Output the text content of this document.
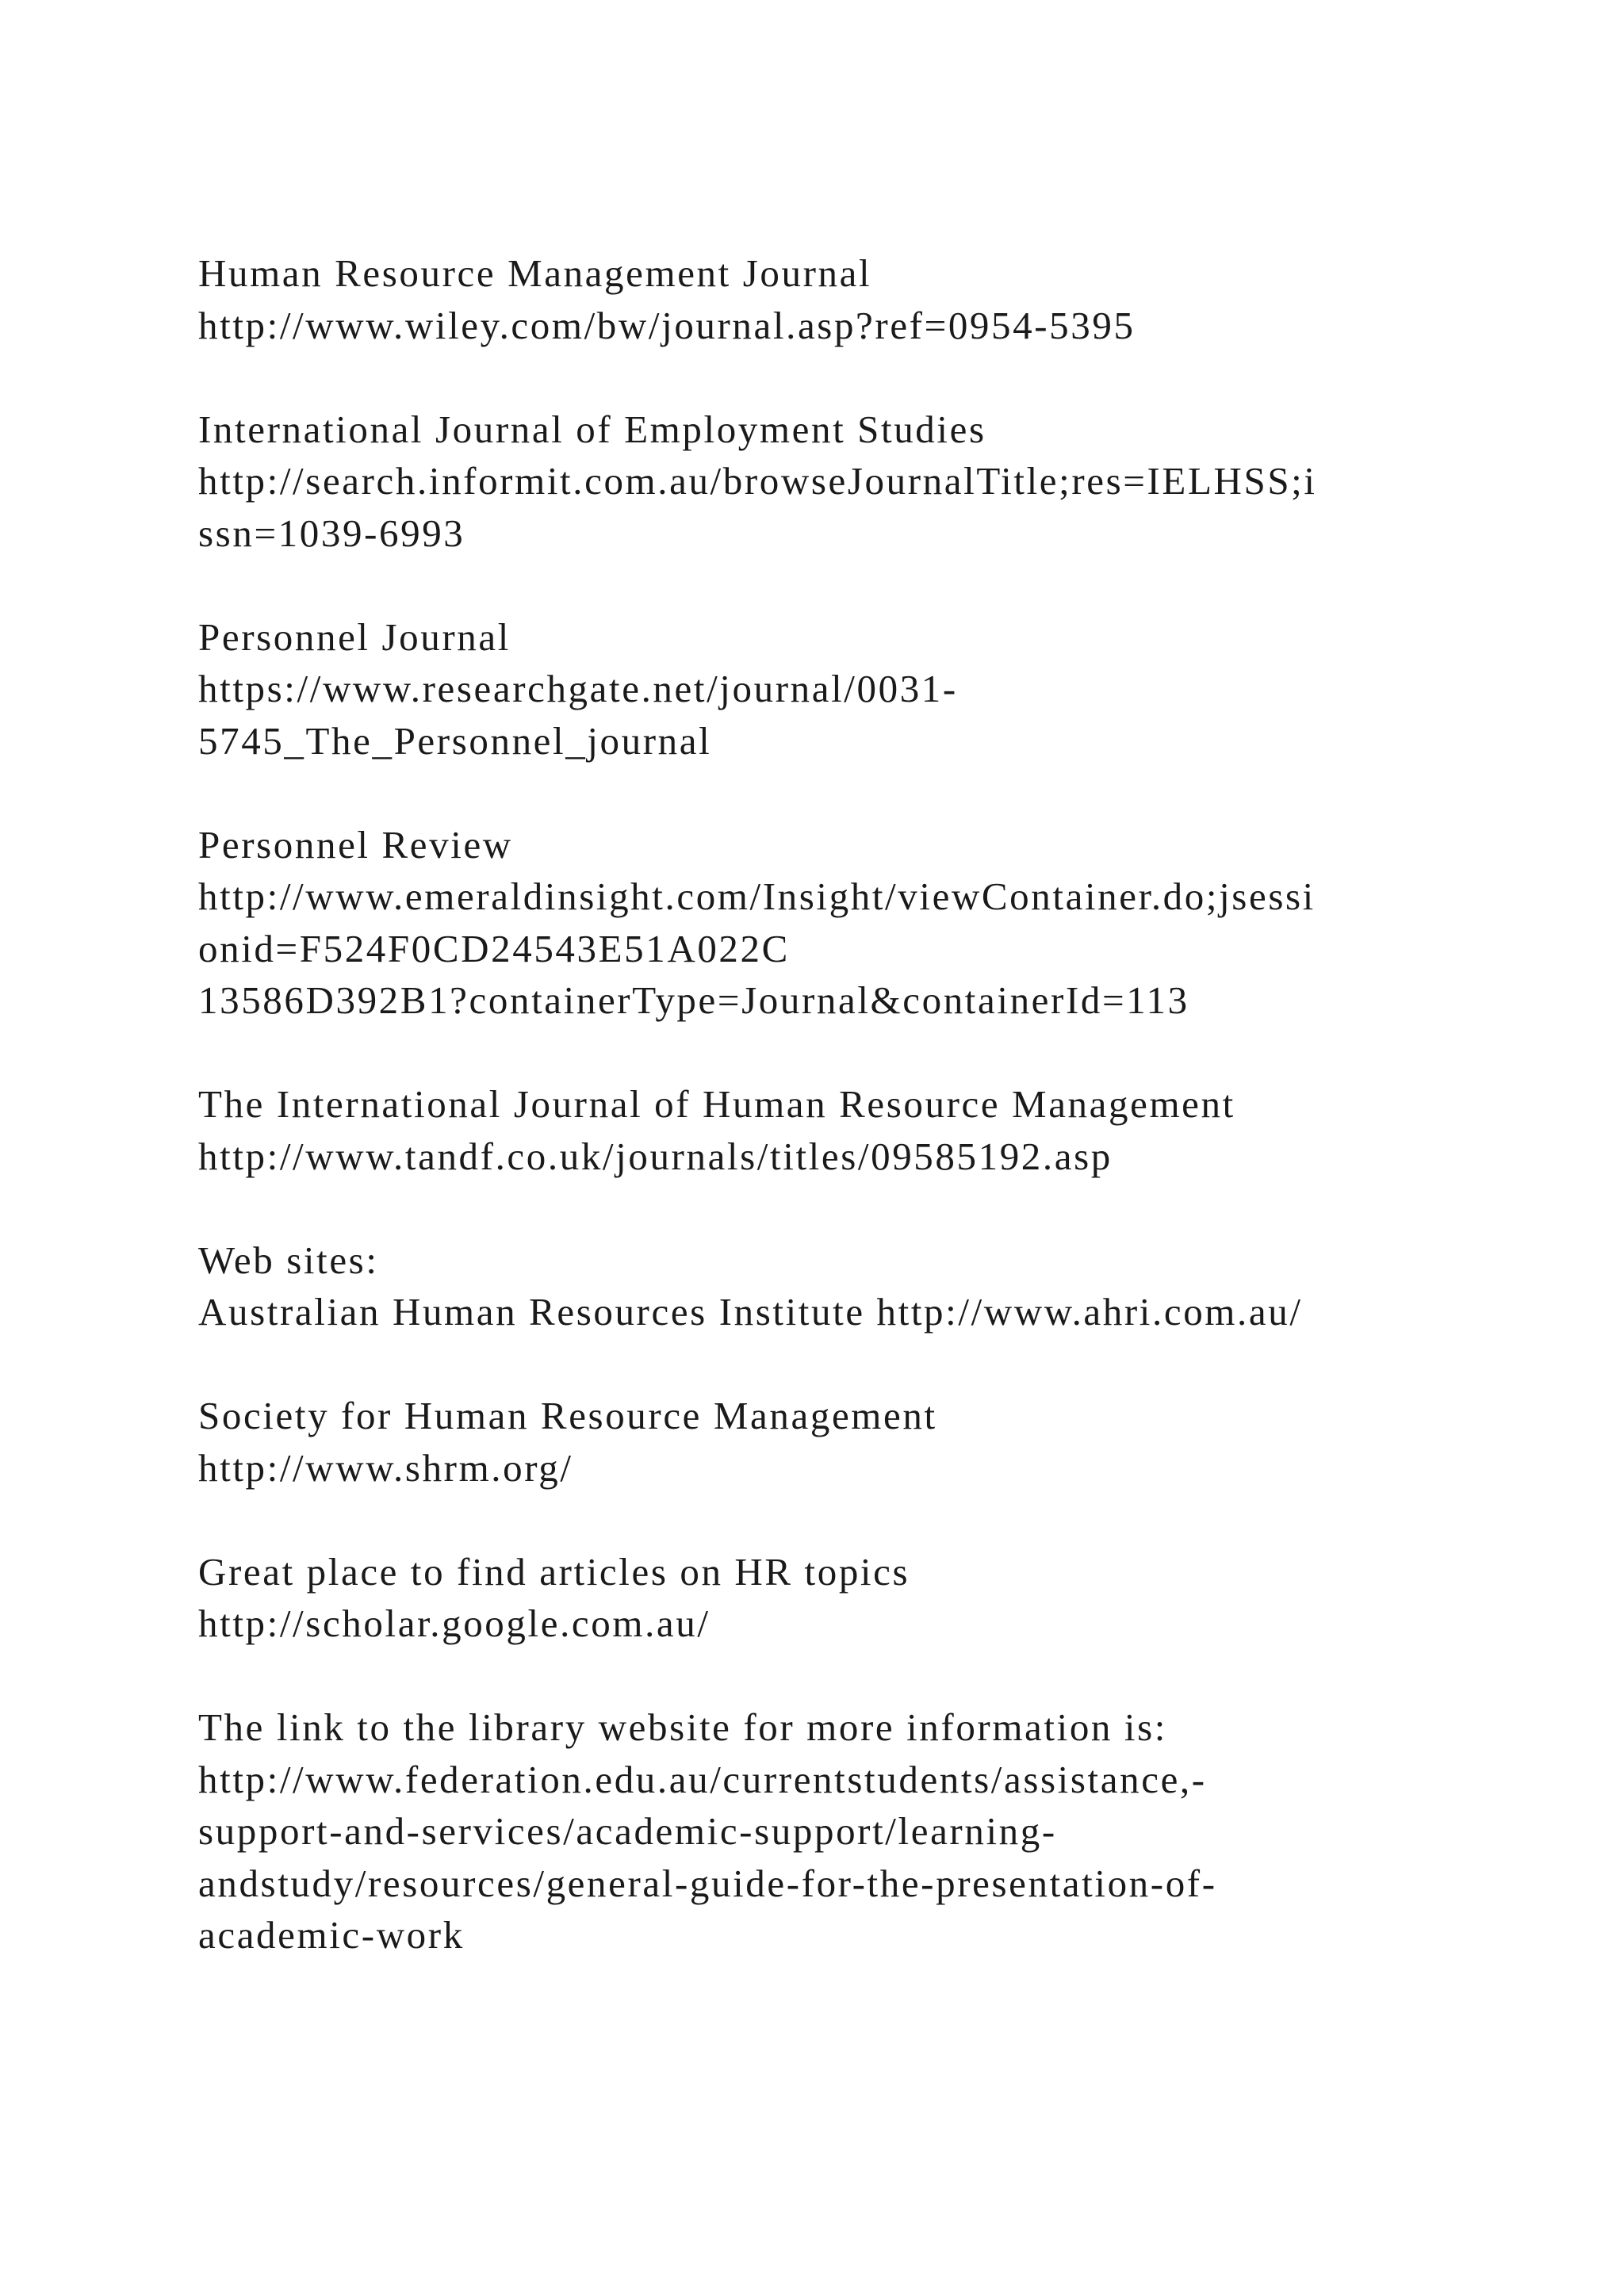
Human Resource Management Journal
http://www.wiley.com/bw/journal.asp?ref=0954-5395
International Journal of Employment Studies
http://search.informit.com.au/browseJournalTitle;res=IELHSS;i
ssn=1039-6993
Personnel Journal
https://www.researchgate.net/journal/0031-
5745_The_Personnel_journal
Personnel Review
http://www.emeraldinsight.com/Insight/viewContainer.do;jsessi
onid=F524F0CD24543E51A022C
13586D392B1?containerType=Journal&containerId=113
The International Journal of Human Resource Management
http://www.tandf.co.uk/journals/titles/09585192.asp
Web sites:
Australian Human Resources Institute http://www.ahri.com.au/
Society for Human Resource Management
http://www.shrm.org/
Great place to find articles on HR topics
http://scholar.google.com.au/
The link to the library website for more information is:
http://www.federation.edu.au/currentstudents/assistance,-
support-and-services/academic-support/learning-
andstudy/resources/general-guide-for-the-presentation-of-
academic-work
